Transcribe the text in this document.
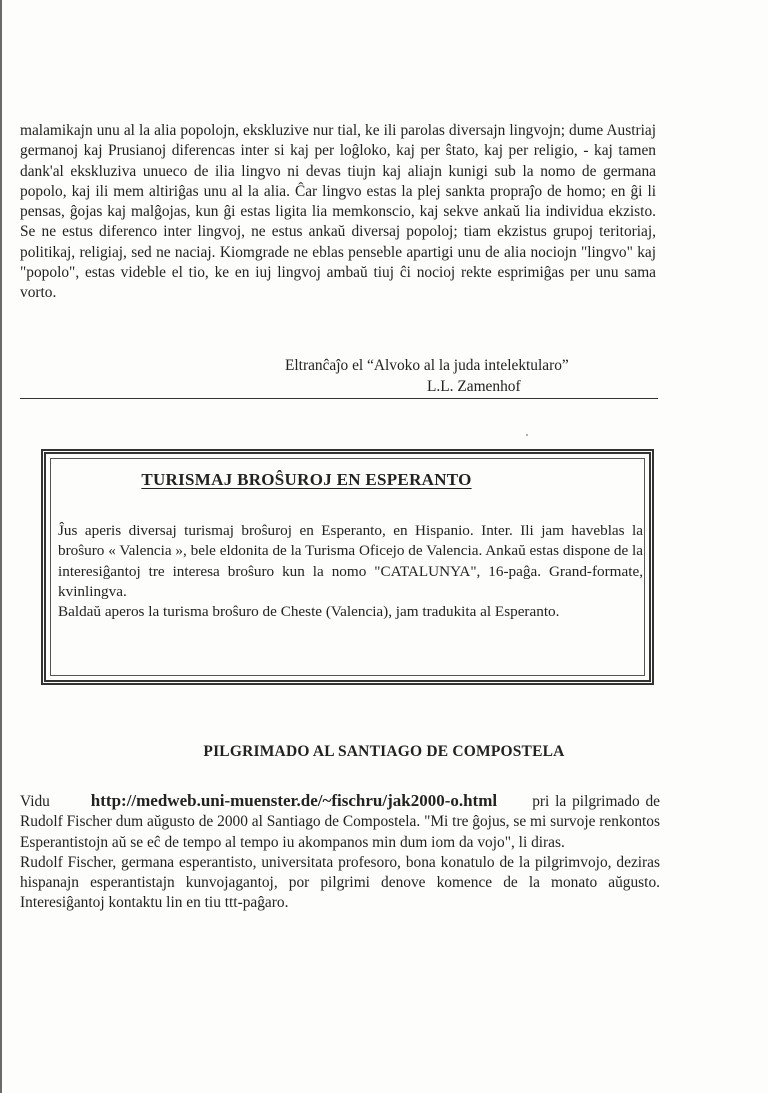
malamikajn unu al la alia popolojn, ekskluzive nur tial, ke ili parolas diversajn lingvojn; dume Austriaj germanoj kaj Prusianoj diferencas inter si kaj per loĝloko, kaj per ŝtato, kaj per religio, - kaj tamen dank'al ekskluziva unueco de ilia lingvo ni devas tiujn kaj aliajn kunigi sub la nomo de germana popolo, kaj ili mem altiriĝas unu al la alia. Ĉar lingvo estas la plej sankta propraĵo de homo; en ĝi li pensas, ĝojas kaj malĝojas, kun ĝi estas ligita lia memkonscio, kaj sekve ankaŭ lia individua ekzisto. Se ne estus diferenco inter lingvoj, ne estus ankaŭ diversaj popoloj; tiam ekzistus grupoj teritoriaj, politikaj, religiaj, sed ne naciaj. Kiomgrade ne eblas penseble apartigi unu de alia nociojn "lingvo" kaj "popolo", estas videble el tio, ke en iuj lingvoj ambaŭ tiuj ĉi nocioj rekte esprimiĝas per unu sama vorto.
Eltranĉaĵo el “Alvoko al la juda intelektularo”
L.L. Zamenhof
TURISMAJ BROŜUROJ EN ESPERANTO
Ĵus aperis diversaj turismaj broŝuroj en Esperanto, en Hispanio. Inter. Ili jam haveblas la broŝuro « Valencia », bele eldonita de la Turisma Oficejo de Valencia. Ankaŭ estas dispone de la interesiĝantoj tre interesa broŝuro kun la nomo "CATALUNYA", 16-paĝa. Grand-formate, kvinlingva.
Baldaŭ aperos la turisma broŝuro de Cheste (Valencia), jam tradukita al Esperanto.
PILGRIMADO AL SANTIAGO DE COMPOSTELA
Vidu http://medweb.uni-muenster.de/~fischru/jak2000-o.html pri la pilgrimado de Rudolf Fischer dum aŭgusto de 2000 al Santiago de Compostela. "Mi tre ĝojus, se mi survoje renkontos Esperantistojn aŭ se eĉ de tempo al tempo iu akompanos min dum iom da vojo", li diras.
Rudolf Fischer, germana esperantisto, universitata profesoro, bona konatulo de la pilgrimvojo, deziras hispanajn esperantistajn kunvojagantoj, por pilgrimi denove komence de la monato aŭgusto. Interesiĝantoj kontaktu lin en tiu ttt-paĝaro.
